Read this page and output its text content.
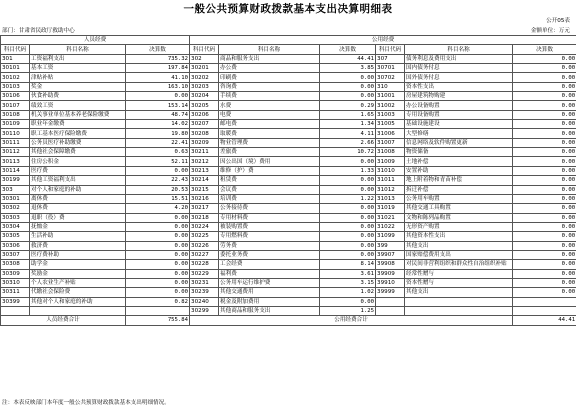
一般公共预算财政拨款基本支出决算明细表
公开05表
部门：甘肃省民政厅救助中心	金额单位：万元
人员经费			公用经费					
科目代码	科目名称	决算数	科目代码	科目名称	决算数	科目代码	科目名称	决算数
301	工资福利支出	735.32	302	商品和服务支出	44.41	307	债务利息及费用支出	0.00
30101	基本工资	197.84	30201	办公费	3.85	30701	国内债务付息	0.00
30102	津贴补贴	41.10	30202	印刷费	0.00	30702	国外债务付息	0.00
30103	奖金	163.10	30203	咨询费	0.00	310	资本性支出	0.00
30106	伙食补助费	0.00	30204	手续费	0.00	31001	房屋建筑物购建	0.00
30107	绩效工资	153.14	30205	水费	0.29	31002	办公设备购置	0.00
30108	机关事业单位基本养老保险缴费	48.74	30206	电费	1.65	31003	专用设备购置	0.00
30109	职业年金缴费	14.02	30207	邮电费	1.34	31005	基础设施建设	0.00
30110	职工基本医疗保险缴费	19.80	30208	取暖费	4.11	31006	大型修缮	0.00
30111	公务员医疗补助缴费	22.41	30209	物业管理费	2.66	31007	信息网络及软件购置更新	0.00
30112	其他社会保障缴费	0.63	30211	差旅费	10.72	31008	物资储备	0.00
30113	住房公积金	52.11	30212	因公出国（境）费用	0.00	31009	土地补偿	0.00
30114	医疗费	0.00	30213	维修（护）费	1.33	31010	安置补助	0.00
30199	其他工资福利支出	22.43	30214	租赁费	0.00	31011	地上附着物和青苗补偿	0.00
303	对个人和家庭的补助	20.53	30215	会议费	0.00	31012	拆迁补偿	0.00
30301	离休费	15.51	30216	培训费	1.22	31013	公务用车购置	0.00
30302	退休费	4.20	30217	公务接待费	0.00	31019	其他交通工具购置	0.00
30303	退职（役）费	0.00	30218	专用材料费	0.00	31021	文物和陈列品购置	0.00
30304	抚恤金	0.00	30224	被装购置费	0.00	31022	无形资产购置	0.00
30305	生活补助	0.00	30225	专用燃料费	0.00	31099	其他资本性支出	0.00
30306	救济费	0.00	30226	劳务费	0.00	399	其他支出	0.00
30307	医疗费补助	0.00	30227	委托业务费	0.00	39907	国家赔偿费用支出	0.00
30308	助学金	0.00	30228	工会经费	8.14	39908	对民间非营利组织和群众性自治组织补贴	0.00
30309	奖励金	0.00	30229	福利费	3.61	39909	经常性赠与	0.00
30310	个人农业生产补贴	0.00	30231	公务用车运行维护费	3.15	39910	资本性赠与	0.00
30311	代缴社会保险费	0.00	30239	其他交通费用	1.02	39999	其他支出	0.00
30399	其他对个人和家庭的补助	0.82	30240	税金及附加费用	0.00			
			30299	其他商品和服务支出	1.25			
人员经费合计		755.84	公用经费合计					44.41
注：本表反映部门本年度一般公共预算财政拨款基本支出明细情况。
